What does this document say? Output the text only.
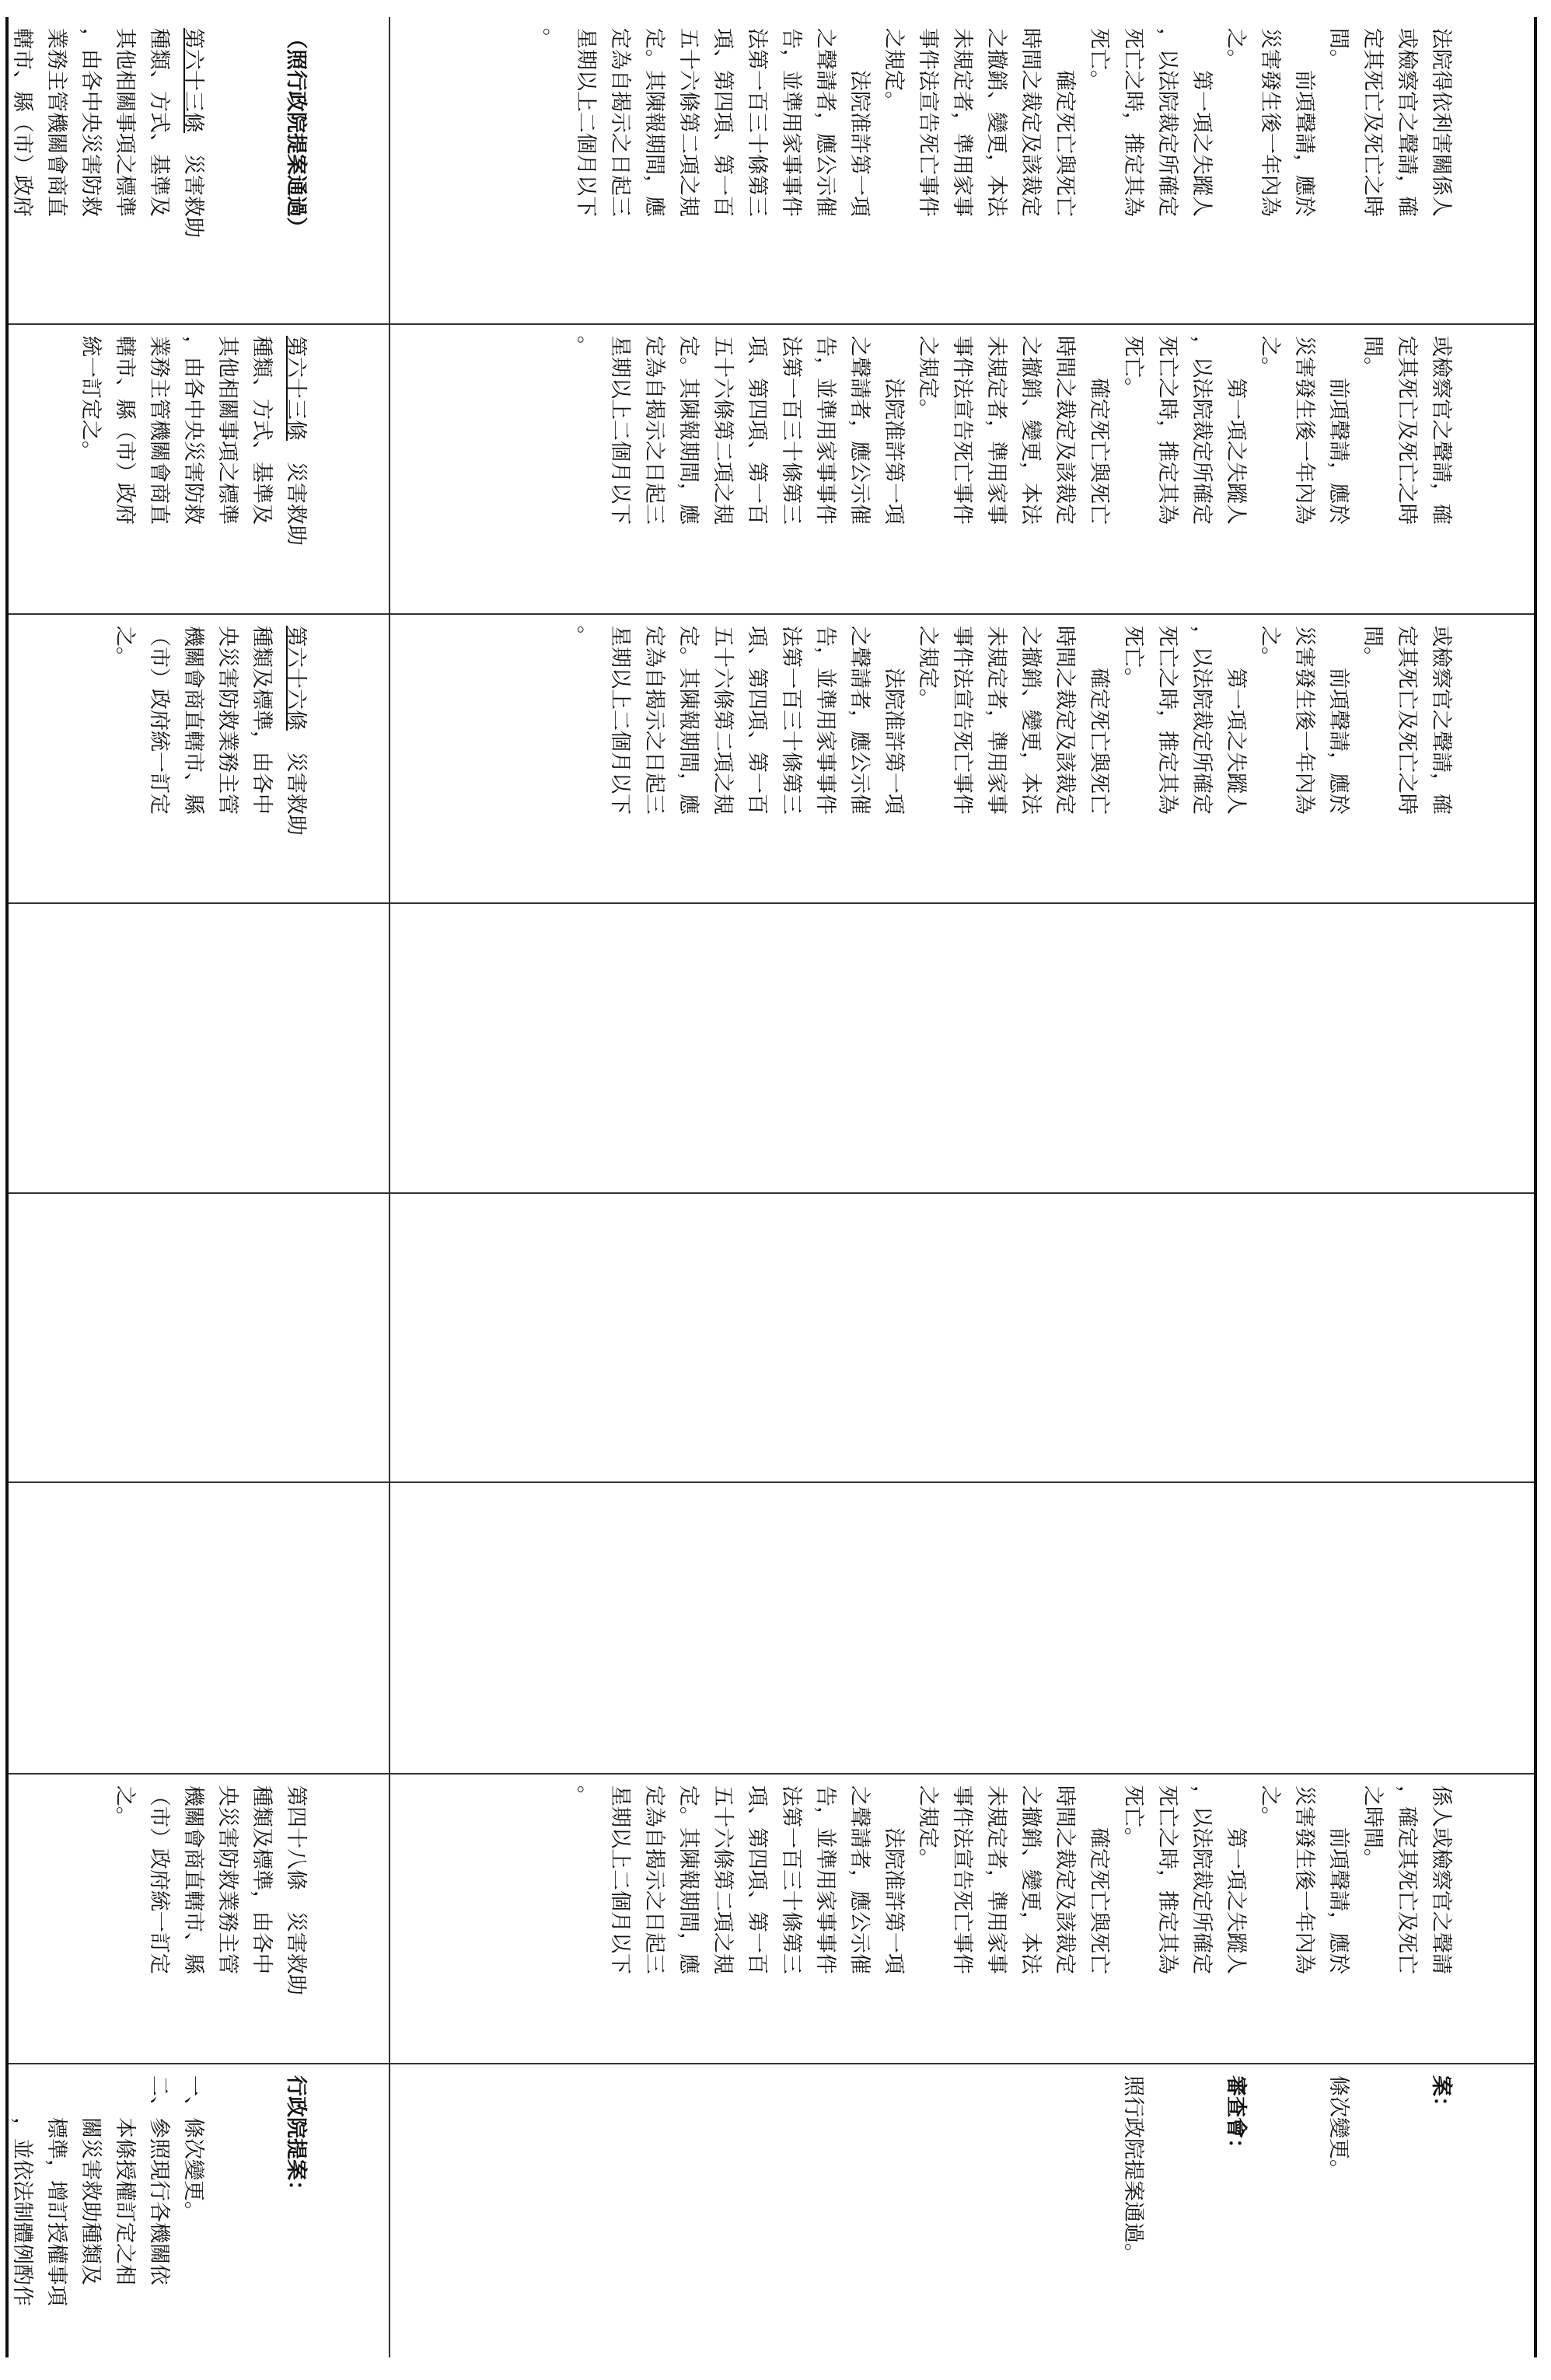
法院得依利害關係人
或檢察官之聲請，確
定其死亡及死亡之時
間。
　　前項聲請，應於
災害發生後一年內為
之。
　　第一項之失蹤人
，以法院裁定所確定
死亡之時，推定其為
死亡。
　　確定死亡與死亡
時間之裁定及該裁定
之撤銷、變更，本法
未規定者，準用家事
事件法宣告死亡事件
之規定。
　　法院准許第一項
之聲請者，應公示催
告，並準用家事事件
法第一百三十條第三
項、第四項、第一百
五十六條第二項之規
定。其陳報期間，應
定為自揭示之日起三
星期以上二個月以下
。

（照行政院提案通過）

第六十三條　災害救助
種類、方式、基準及
其他相關事項之標準
，由各中央災害防救
業務主管機關會商直
轄市、縣（市）政府

或檢察官之聲請，確
定其死亡及死亡之時
間。
　　前項聲請，應於
災害發生後一年內為
之。
　　第一項之失蹤人
，以法院裁定所確定
死亡之時，推定其為
死亡。
　　確定死亡與死亡
時間之裁定及該裁定
之撤銷、變更，本法
未規定者，準用家事
事件法宣告死亡事件
之規定。
　　法院准許第一項
之聲請者，應公示催
告，並準用家事事件
法第一百三十條第三
項、第四項、第一百
五十六條第二項之規
定。其陳報期間，應
定為自揭示之日起三
星期以上二個月以下
。

第六十三條　災害救助
種類、方式、基準及
其他相關事項之標準
，由各中央災害防救
業務主管機關會商直
轄市、縣（市）政府
統一訂定之。

或檢察官之聲請，確
定其死亡及死亡之時
間。
　　前項聲請，應於
災害發生後一年內為
之。
　　第一項之失蹤人
，以法院裁定所確定
死亡之時，推定其為
死亡。
　　確定死亡與死亡
時間之裁定及該裁定
之撤銷、變更，本法
未規定者，準用家事
事件法宣告死亡事件
之規定。
　　法院准許第一項
之聲請者，應公示催
告，並準用家事事件
法第一百三十條第三
項、第四項、第一百
五十六條第二項之規
定。其陳報期間，應
定為自揭示之日起三
星期以上二個月以下
。

第六十六條　災害救助
種類及標準，由各中
央災害防救業務主管
機關會商直轄市、縣
（市）政府統一訂定
之。

係人或檢察官之聲請
，確定其死亡及死亡
之時間。
　　前項聲請，應於
災害發生後一年內為
之。
　　第一項之失蹤人
，以法院裁定所確定
死亡之時，推定其為
死亡。
　　確定死亡與死亡
時間之裁定及該裁定
之撤銷、變更，本法
未規定者，準用家事
事件法宣告死亡事件
之規定。
　　法院准許第一項
之聲請者，應公示催
告，並準用家事事件
法第一百三十條第三
項、第四項、第一百
五十六條第二項之規
定。其陳報期間，應
定為自揭示之日起三
星期以上二個月以下
。

第四十八條　災害救助
種類及標準，由各中
央災害防救業務主管
機關會商直轄市、縣
（市）政府統一訂定
之。

案：

條次變更。

審查會：

照行政院提案通過。

行政院提案：

一、條次變更。
二、參照現行各機關依
　　本條授權訂定之相
　　關災害救助種類及
　　標準，增訂授權事項
　　，並依法制體例酌作
